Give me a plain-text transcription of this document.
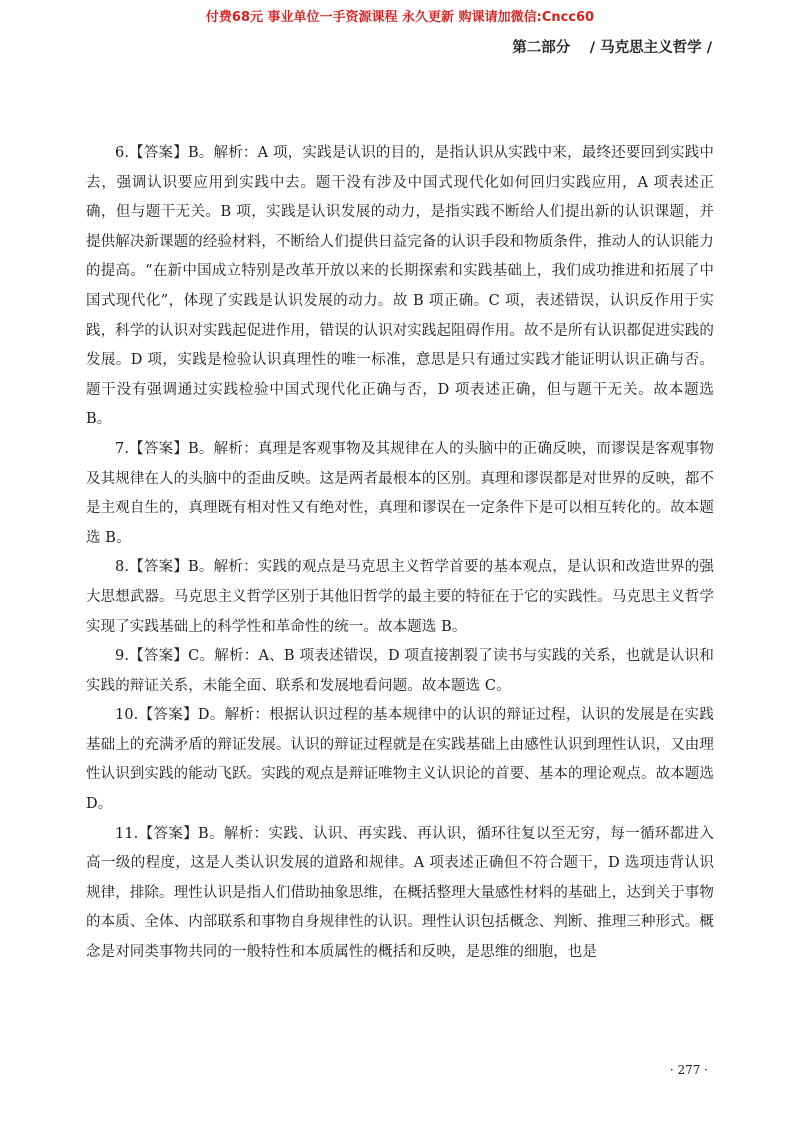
付费68元 事业单位一手资源课程 永久更新 购课请加微信:Cncc60
第二部分 　/ 马克思主义哲学 /

6.【答案】B。解析：A 项，实践是认识的目的，是指认识从实践中来，最终还要回到实践中去，强调认识要应用到实践中去。题干没有涉及中国式现代化如何回归实践应用，A 项表述正确，但与题干无关。B 项，实践是认识发展的动力，是指实践不断给人们提出新的认识课题，并提供解决新课题的经验材料，不断给人们提供日益完备的认识手段和物质条件，推动人的认识能力的提高。“在新中国成立特别是改革开放以来的长期探索和实践基础上，我们成功推进和拓展了中国式现代化”，体现了实践是认识发展的动力。故 B 项正确。C 项，表述错误，认识反作用于实践，科学的认识对实践起促进作用，错误的认识对实践起阻碍作用。故不是所有认识都促进实践的发展。D 项，实践是检验认识真理性的唯一标准，意思是只有通过实践才能证明认识正确与否。题干没有强调通过实践检验中国式现代化正确与否，D 项表述正确，但与题干无关。故本题选 B。

7.【答案】B。解析：真理是客观事物及其规律在人的头脑中的正确反映，而谬误是客观事物及其规律在人的头脑中的歪曲反映。这是两者最根本的区别。真理和谬误都是对世界的反映，都不是主观自生的，真理既有相对性又有绝对性，真理和谬误在一定条件下是可以相互转化的。故本题选 B。

8.【答案】B。解析：实践的观点是马克思主义哲学首要的基本观点，是认识和改造世界的强大思想武器。马克思主义哲学区别于其他旧哲学的最主要的特征在于它的实践性。马克思主义哲学实现了实践基础上的科学性和革命性的统一。故本题选 B。

9.【答案】C。解析：A、B 项表述错误，D 项直接割裂了读书与实践的关系，也就是认识和实践的辩证关系，未能全面、联系和发展地看问题。故本题选 C。

10.【答案】D。解析：根据认识过程的基本规律中的认识的辩证过程，认识的发展是在实践基础上的充满矛盾的辩证发展。认识的辩证过程就是在实践基础上由感性认识到理性认识，又由理性认识到实践的能动飞跃。实践的观点是辩证唯物主义认识论的首要、基本的理论观点。故本题选 D。

11.【答案】B。解析：实践、认识、再实践、再认识，循环往复以至无穷，每一循环都进入高一级的程度，这是人类认识发展的道路和规律。A 项表述正确但不符合题干，D 选项违背认识规律，排除。理性认识是指人们借助抽象思维，在概括整理大量感性材料的基础上，达到关于事物的本质、全体、内部联系和事物自身规律性的认识。理性认识包括概念、判断、推理三种形式。概念是对同类事物共同的一般特性和本质属性的概括和反映，是思维的细胞，也是

· 277 ·
